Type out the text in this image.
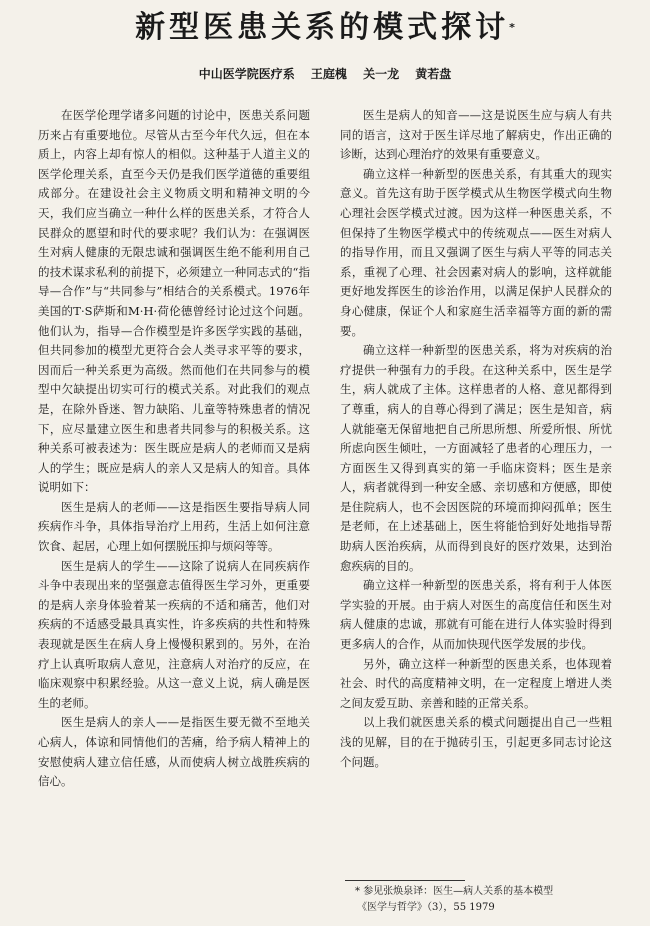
新型医患关系的模式探讨*
中山医学院医疗系 王庭槐 关一龙 黄若盘

在医学伦理学诸多问题的讨论中，医患关系问题历来占有重要地位。尽管从古至今年代久远，但在本质上，内容上却有惊人的相似。这种基于人道主义的医学伦理关系，直至今天仍是我们医学道德的重要组成部分。在建设社会主义物质文明和精神文明的今天，我们应当确立一种什么样的医患关系，才符合人民群众的愿望和时代的要求呢？我们认为：在强调医生对病人健康的无限忠诚和强调医生绝不能利用自己的技术谋求私利的前提下，必须建立一种同志式的“指导—合作”与“共同参与”相结合的关系模式。1976年美国的T·S萨斯和M·H·荷伦德曾经讨论过这个问题。他们认为，指导—合作模型是许多医学实践的基础，但共同参加的模型尤更符合会人类寻求平等的要求，因而后一种关系更为高级。然而他们在共同参与的模型中欠缺提出切实可行的模式关系。对此我们的观点是，在除外昏迷、智力缺陷、儿童等特殊患者的情况下，应尽量建立医生和患者共同参与的积极关系。这种关系可被表述为：医生既应是病人的老师而又是病人的学生；既应是病人的亲人又是病人的知音。具体说明如下：

医生是病人的老师——这是指医生要指导病人同疾病作斗争，具体指导治疗上用药，生活上如何注意饮食、起居，心理上如何摆脱压抑与烦闷等等。

医生是病人的学生——这除了说病人在同疾病作斗争中表现出来的坚强意志值得医生学习外，更重要的是病人亲身体验着某一疾病的不适和痛苦，他们对疾病的不适感受最具真实性，许多疾病的共性和特殊表现就是医生在病人身上慢慢积累到的。另外，在治疗上认真听取病人意见，注意病人对治疗的反应，在临床观察中积累经验。从这一意义上说，病人确是医生的老师。

医生是病人的亲人——是指医生要无微不至地关心病人，体谅和同情他们的苦痛，给予病人精神上的安慰使病人建立信任感，从而使病人树立战胜疾病的信心。

医生是病人的知音——这是说医生应与病人有共同的语言，这对于医生详尽地了解病史，作出正确的诊断，达到心理治疗的效果有重要意义。

确立这样一种新型的医患关系，有其重大的现实意义。首先这有助于医学模式从生物医学模式向生物心理社会医学模式过渡。因为这样一种医患关系，不但保持了生物医学模式中的传统观点——医生对病人的指导作用，而且又强调了医生与病人平等的同志关系，重视了心理、社会因素对病人的影响，这样就能更好地发挥医生的诊治作用，以满足保护人民群众的身心健康，保证个人和家庭生活幸福等方面的新的需要。

确立这样一种新型的医患关系，将为对疾病的治疗提供一种强有力的手段。在这种关系中，医生是学生，病人就成了主体。这样患者的人格、意见都得到了尊重，病人的自尊心得到了满足；医生是知音，病人就能毫无保留地把自己所思所想、所爱所恨、所忧所虑向医生倾吐，一方面减轻了患者的心理压力，一方面医生又得到真实的第一手临床资料；医生是亲人，病者就得到一种安全感、亲切感和方便感，即使是住院病人，也不会因医院的环境而抑闷孤单；医生是老师，在上述基础上，医生将能恰到好处地指导帮助病人医治疾病，从而得到良好的医疗效果，达到治愈疾病的目的。

确立这样一种新型的医患关系，将有利于人体医学实验的开展。由于病人对医生的高度信任和医生对病人健康的忠诚，那就有可能在进行人体实验时得到更多病人的合作，从而加快现代医学发展的步伐。

另外，确立这样一种新型的医患关系，也体现着社会、时代的高度精神文明，在一定程度上增进人类之间友爱互助、亲善和睦的正常关系。

以上我们就医患关系的模式问题提出自己一些粗浅的见解，目的在于抛砖引玉，引起更多同志讨论这个问题。

* 参见张焕泉译：医生—病人关系的基本模型

《医学与哲学》（3），55 1979
